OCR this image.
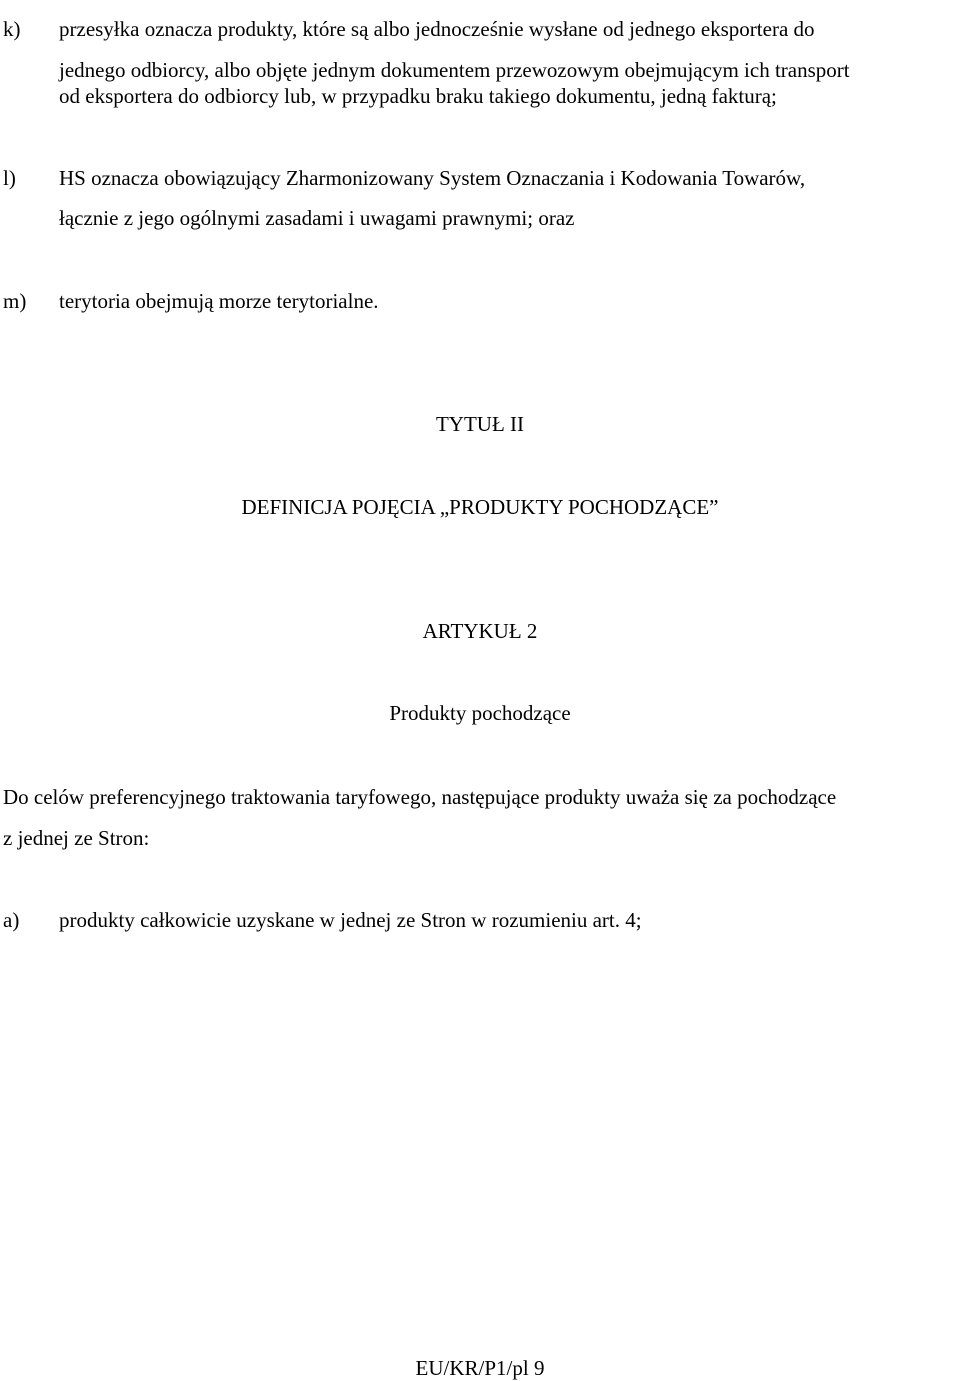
k) przesyłka oznacza produkty, które są albo jednocześnie wysłane od jednego eksportera do
jednego odbiorcy, albo objęte jednym dokumentem przewozowym obejmującym ich transport
od eksportera do odbiorcy lub, w przypadku braku takiego dokumentu, jedną fakturą;
l) HS oznacza obowiązujący Zharmonizowany System Oznaczania i Kodowania Towarów,
łącznie z jego ogólnymi zasadami i uwagami prawnymi; oraz
m) terytoria obejmują morze terytorialne.
TYTUŁ II
DEFINICJA POJĘCIA „PRODUKTY POCHODZĄCE”
ARTYKUŁ 2
Produkty pochodzące
Do celów preferencyjnego traktowania taryfowego, następujące produkty uważa się za pochodzące
z jednej ze Stron:
a) produkty całkowicie uzyskane w jednej ze Stron w rozumieniu art. 4;
EU/KR/P1/pl 9
